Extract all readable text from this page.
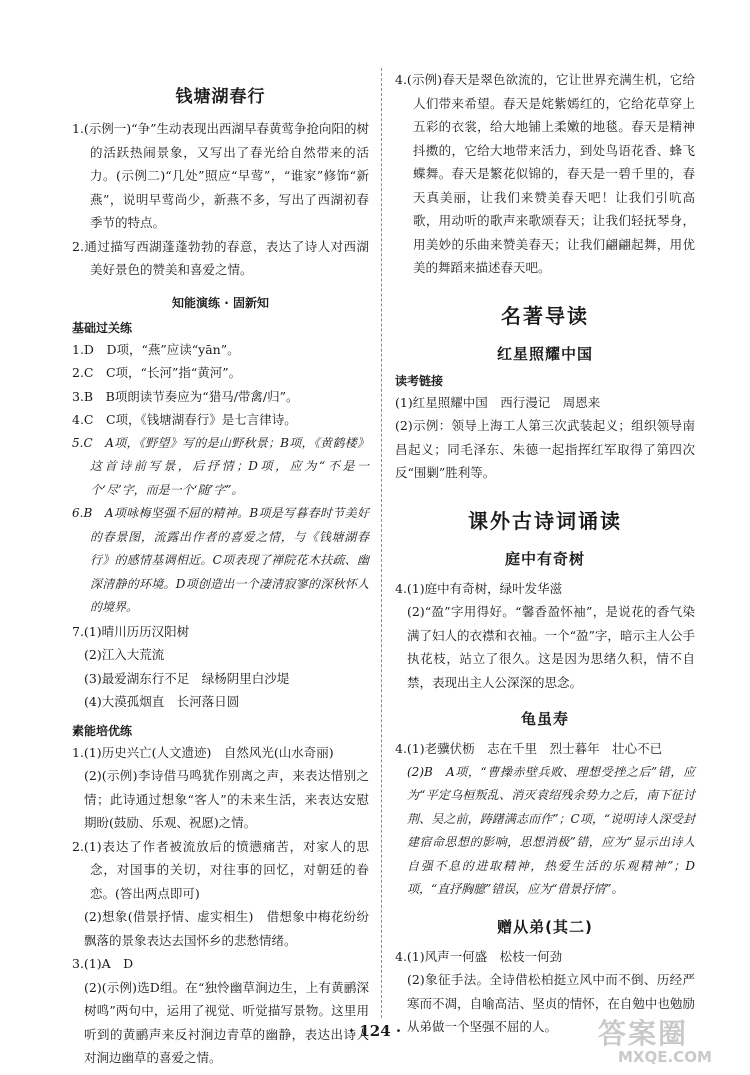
钱塘湖春行

1.(示例一)“争”生动表现出西湖早春黄莺争抢向阳的树的活跃热闹景象，又写出了春光给自然带来的活力。(示例二)“几处”照应“早莺”，“谁家”修饰“新燕”，说明早莺尚少，新燕不多，写出了西湖初春季节的特点。

2.通过描写西湖蓬蓬勃勃的春意，表达了诗人对西湖美好景色的赞美和喜爱之情。

知能演练 · 固新知
基础过关练

1.D　D项，“燕”应读“yān”。

2.C　C项，“长河”指“黄河”。

3.B　B项朗读节奏应为“猎马/带禽/归”。

4.C　C项，《钱塘湖春行》是七言律诗。

5.C　A项，《野望》写的是山野秋景；B项，《黄鹤楼》这首诗前写景，后抒情；D项，应为“不是一个‘尽’字，而是一个‘随’字”。

6.B　A项咏梅坚强不屈的精神。B项是写暮春时节美好的春景图，流露出作者的喜爱之情，与《钱塘湖春行》的感情基调相近。C项表现了禅院花木扶疏、幽深清静的环境。D项创造出一个凄清寂寥的深秋怀人的境界。

7.(1)晴川历历汉阳树

(2)江入大荒流

(3)最爱湖东行不足　绿杨阴里白沙堤

(4)大漠孤烟直　长河落日圆

素能培优练

1.(1)历史兴亡(人文遗迹)　自然风光(山水奇丽)

(2)(示例)李诗借马鸣犹作别离之声，来表达惜别之情；此诗通过想象“客人”的未来生活，来表达安慰期盼(鼓励、乐观、祝愿)之情。

2.(1)表达了作者被流放后的愤懑痛苦，对家人的思念，对国事的关切，对往事的回忆，对朝廷的眷恋。(答出两点即可)

(2)想象(借景抒情、虚实相生)　借想象中梅花纷纷飘落的景象表达去国怀乡的悲愁情绪。

3.(1)A　D

(2)(示例)选D组。在“独怜幽草涧边生，上有黄鹂深树鸣”两句中，运用了视觉、听觉描写景物。这里用听到的黄鹂声来反衬涧边青草的幽静，表达出诗人对涧边幽草的喜爱之情。

4.(示例)春天是翠色欲流的，它让世界充满生机，它给人们带来希望。春天是姹紫嫣红的，它给花草穿上五彩的衣裳，给大地铺上柔嫩的地毯。春天是精神抖擞的，它给大地带来活力，到处鸟语花香、蜂飞蝶舞。春天是繁花似锦的，春天是一碧千里的，春天真美丽，让我们来赞美春天吧！让我们引吭高歌，用动听的歌声来歌颂春天；让我们轻抚琴身，用美妙的乐曲来赞美春天；让我们翩翩起舞，用优美的舞蹈来描述春天吧。

名著导读
红星照耀中国
读考链接

(1)红星照耀中国　西行漫记　周恩来

(2)示例：领导上海工人第三次武装起义；组织领导南昌起义；同毛泽东、朱德一起指挥红军取得了第四次反“围剿”胜利等。

课外古诗词诵读
庭中有奇树

4.(1)庭中有奇树，绿叶发华滋

(2)“盈”字用得好。“馨香盈怀袖”，是说花的香气染满了妇人的衣襟和衣袖。一个“盈”字，暗示主人公手执花枝，站立了很久。这是因为思绪久积，情不自禁，表现出主人公深深的思念。

龟虽寿

4.(1)老骥伏枥　志在千里　烈士暮年　壮心不已

(2)B　A项，“曹操赤壁兵败、理想受挫之后”错，应为“平定乌桓叛乱、消灭袁绍残余势力之后，南下征讨荆、吴之前，踌躇满志而作”；C项，“说明诗人深受封建宿命思想的影响，思想消极”错，应为“显示出诗人自强不息的进取精神，热爱生活的乐观精神”；D项，“直抒胸臆”错误，应为“借景抒情”。

赠从弟(其二)

4.(1)风声一何盛　松枝一何劲

(2)象征手法。全诗借松柏挺立风中而不倒、历经严寒而不凋，自喻高洁、坚贞的情怀，在自勉中也勉励从弟做一个坚强不屈的人。

· 124 ·	答案圈
MXQE.COM
